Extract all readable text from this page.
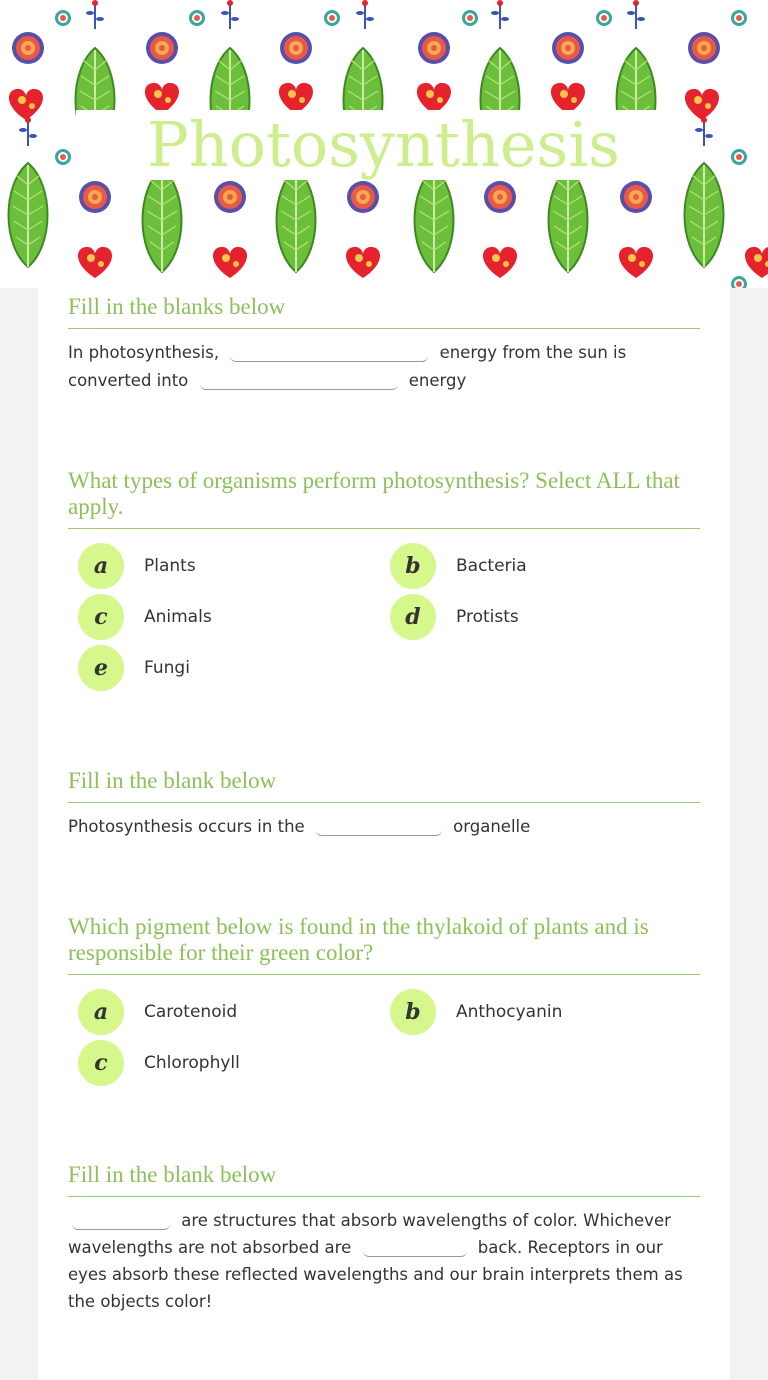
Photosynthesis
Fill in the blanks below
In photosynthesis,	energy from the sun is
converted into	energy
What types of organisms perform photosynthesis? Select ALL that apply.
a	Plants	b	Bacteria
c	Animals	d	Protists
e	Fungi
Fill in the blank below
Photosynthesis occurs in the	organelle
Which pigment below is found in the thylakoid of plants and is responsible for their green color?
a	Carotenoid	b	Anthocyanin
c	Chlorophyll
Fill in the blank below
are structures that absorb wavelengths of color. Whichever wavelengths are not absorbed are	back. Receptors in our eyes absorb these reflected wavelengths and our brain interprets them as the objects color!
